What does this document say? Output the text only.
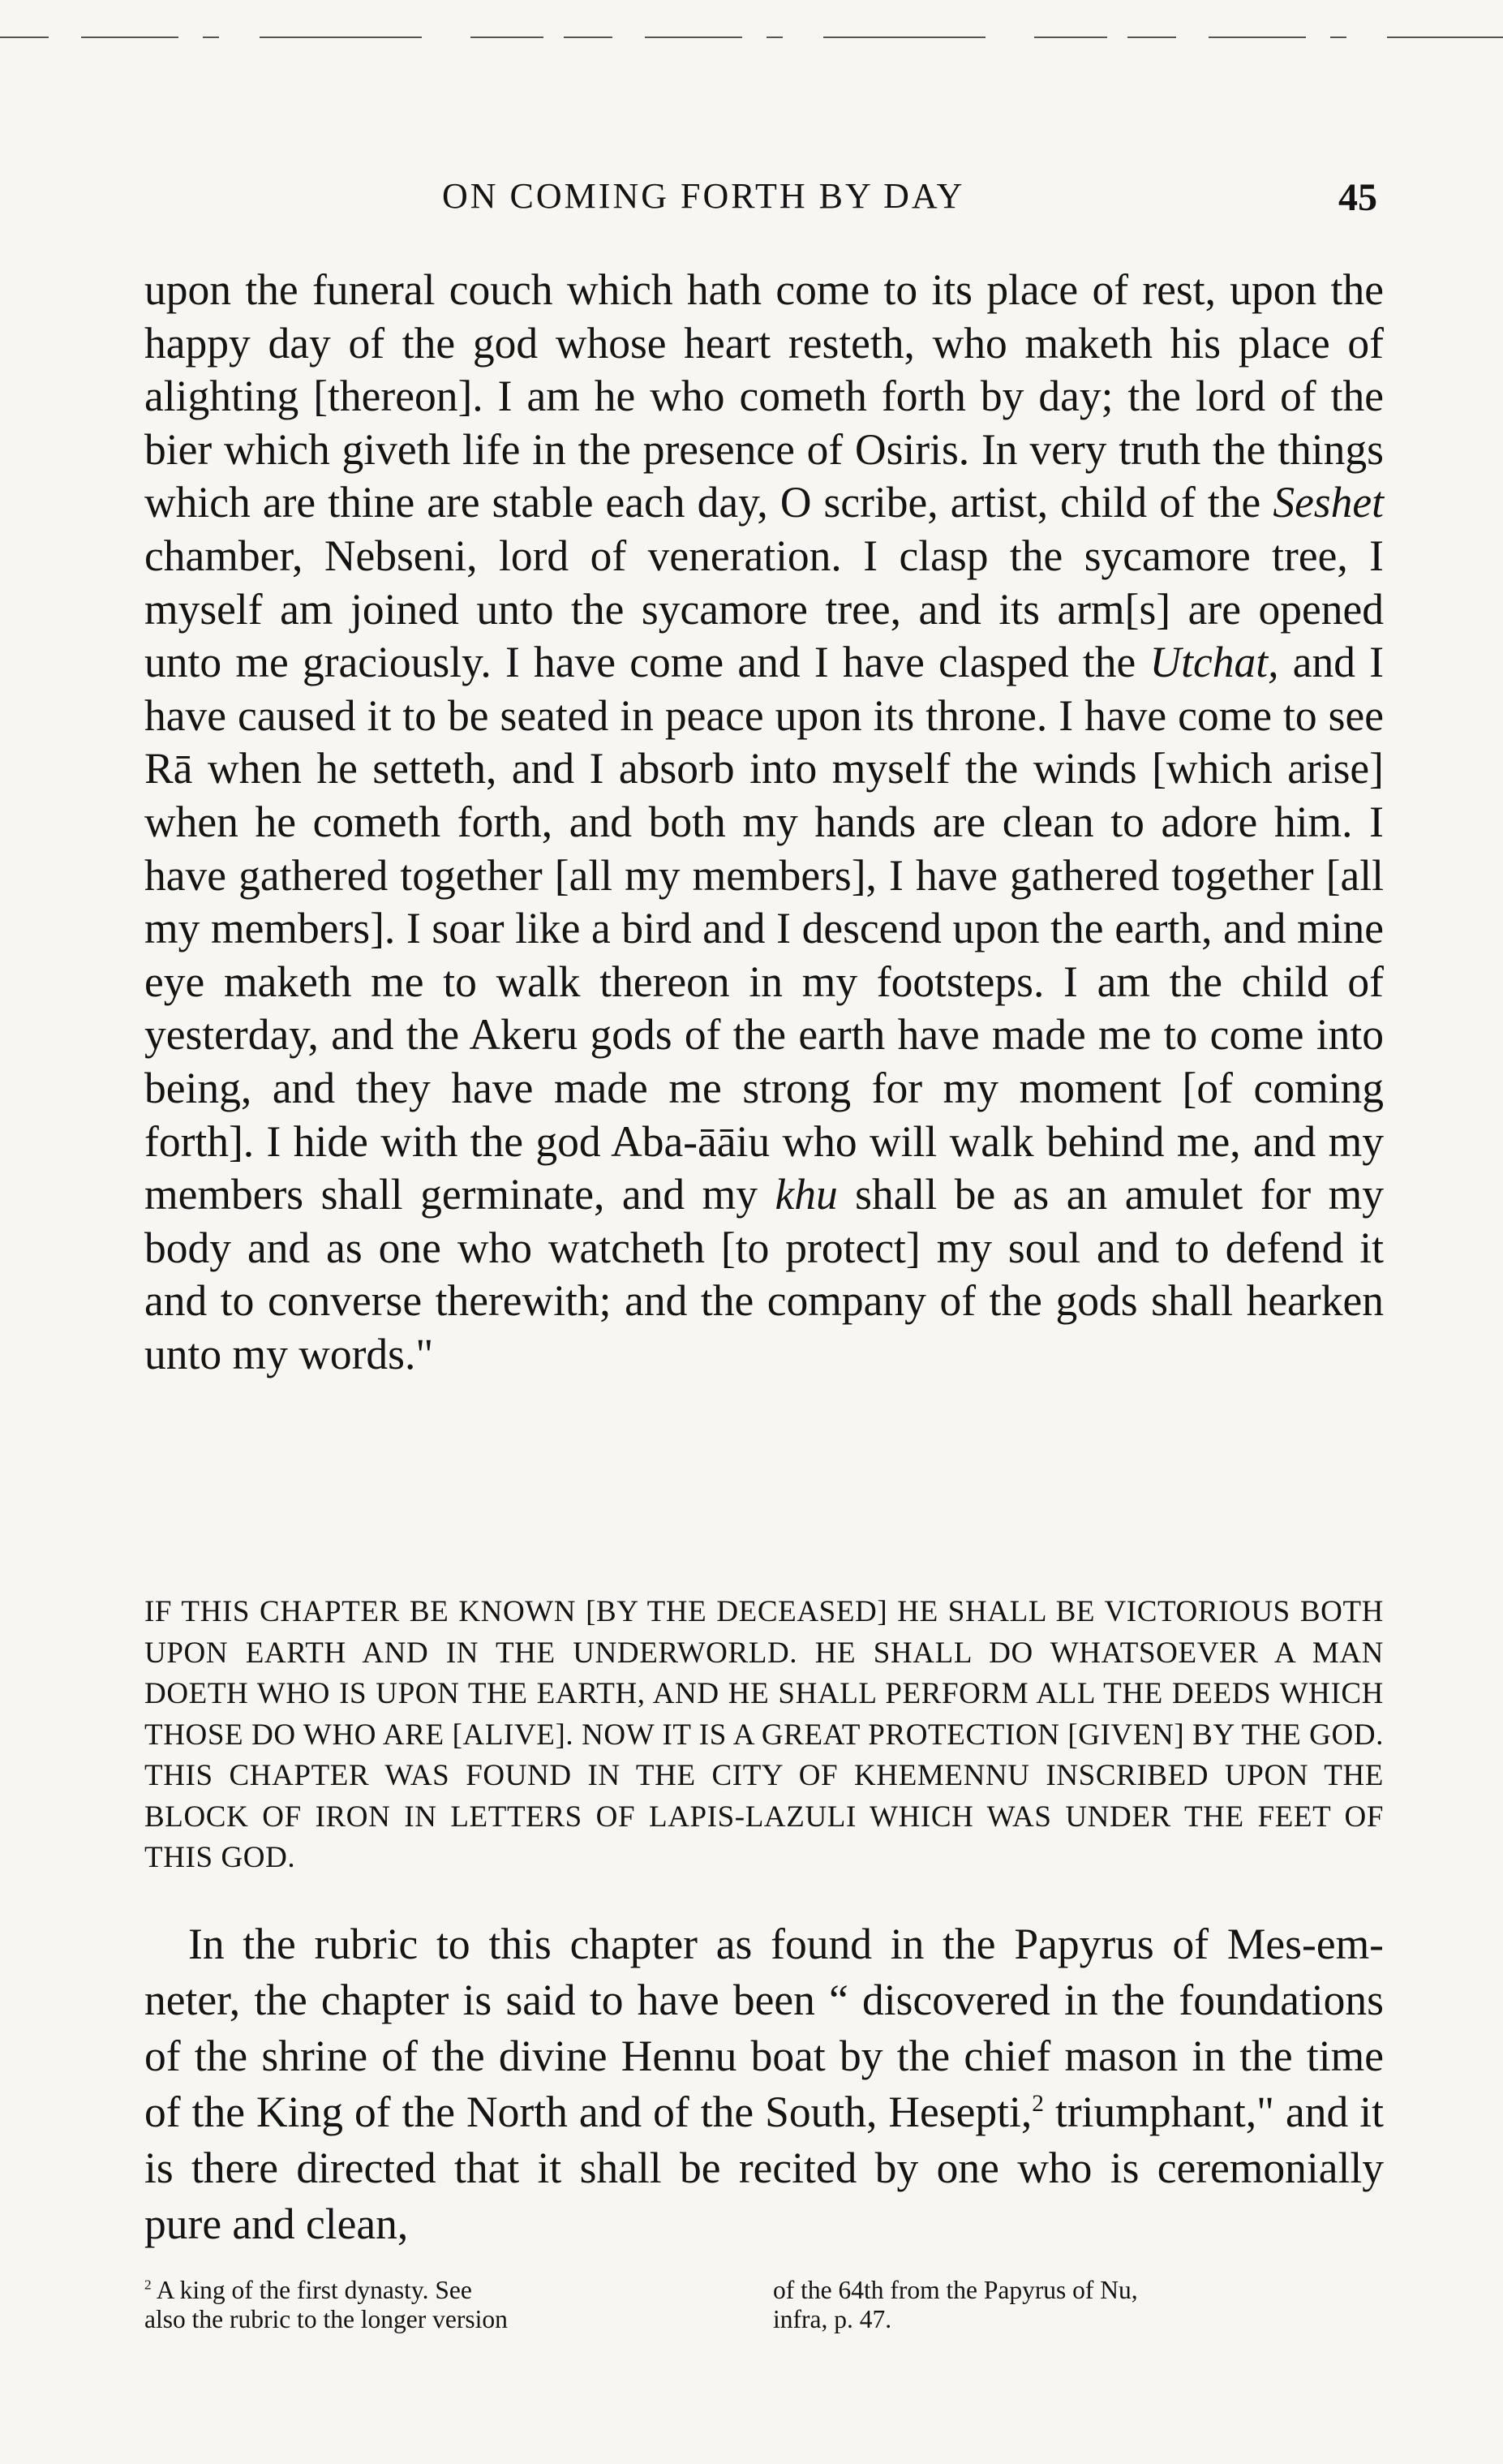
ON COMING FORTH BY DAY	45

upon the funeral couch which hath come to its place of rest, upon the happy day of the god whose heart resteth, who maketh his place of alighting [thereon]. I am he who cometh forth by day; the lord of the bier which giveth life in the presence of Osiris. In very truth the things which are thine are stable each day, O scribe, artist, child of the Seshet chamber, Nebseni, lord of veneration. I clasp the sycamore tree, I myself am joined unto the sycamore tree, and its arm[s] are opened unto me graciously. I have come and I have clasped the Utchat, and I have caused it to be seated in peace upon its throne. I have come to see Rā when he setteth, and I absorb into myself the winds [which arise] when he cometh forth, and both my hands are clean to adore him. I have gathered together [all my members], I have gathered together [all my members]. I soar like a bird and I descend upon the earth, and mine eye maketh me to walk thereon in my footsteps. I am the child of yesterday, and the Akeru gods of the earth have made me to come into being, and they have made me strong for my moment [of coming forth]. I hide with the god Aba-āāiu who will walk behind me, and my members shall germinate, and my khu shall be as an amulet for my body and as one who watcheth [to protect] my soul and to defend it and to converse therewith; and the company of the gods shall hearken unto my words."

IF THIS CHAPTER BE KNOWN [BY THE DECEASED] HE SHALL BE VICTORIOUS BOTH UPON EARTH AND IN THE UNDERWORLD. HE SHALL DO WHATSOEVER A MAN DOETH WHO IS UPON THE EARTH, AND HE SHALL PERFORM ALL THE DEEDS WHICH THOSE DO WHO ARE [ALIVE]. NOW IT IS A GREAT PROTECTION [GIVEN] BY THE GOD. THIS CHAPTER WAS FOUND IN THE CITY OF KHEMENNU INSCRIBED UPON THE BLOCK OF IRON IN LETTERS OF LAPIS-LAZULI WHICH WAS UNDER THE FEET OF THIS GOD.

In the rubric to this chapter as found in the Papyrus of Mes-em-neter, the chapter is said to have been “ discovered in the foundations of the shrine of the divine Hennu boat by the chief mason in the time of the King of the North and of the South, Hesepti,$^2$ triumphant," and it is there directed that it shall be recited by one who is ceremonially pure and clean,
$^2$ A king of the first dynasty. See
also the rubric to the longer version
of the 64th from the Papyrus of Nu,
infra, p. 47.
